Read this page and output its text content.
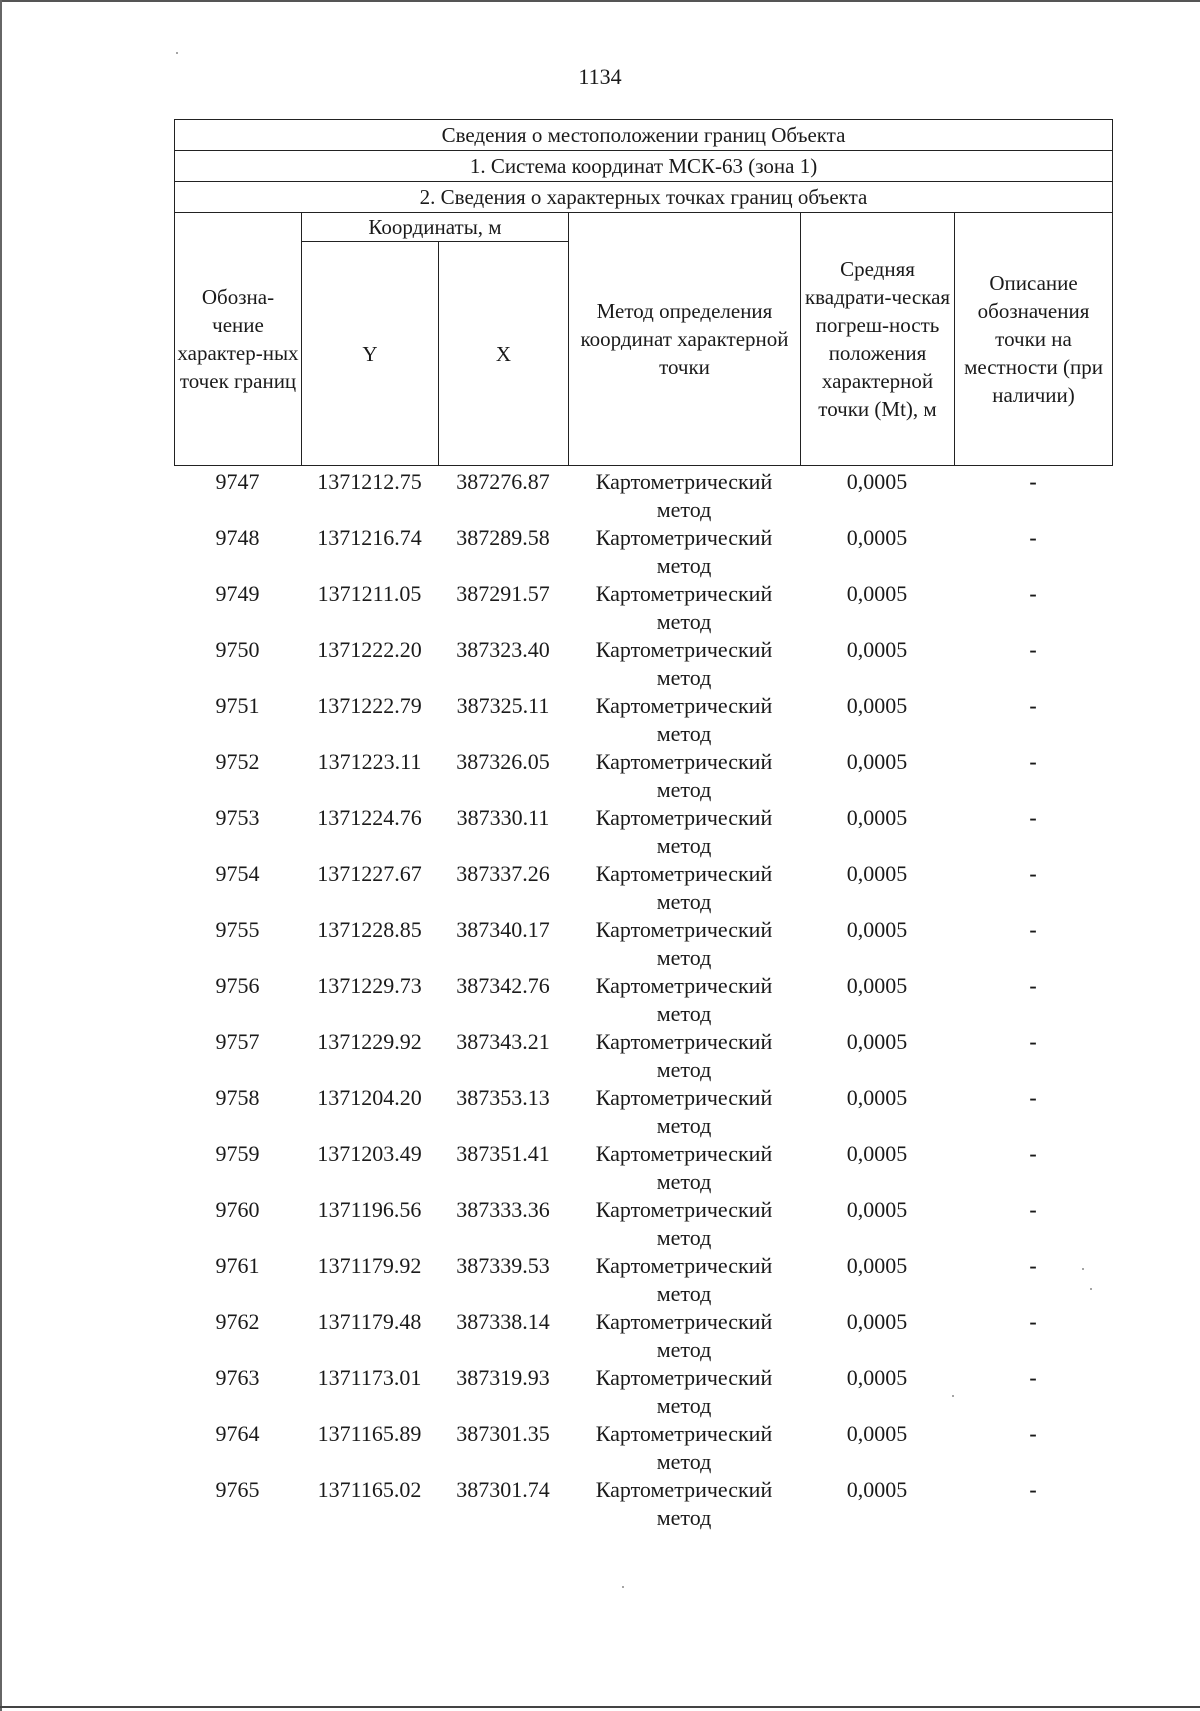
1134
Сведения о местоположении границ Объекта					
1. Система координат МСК-63 (зона 1)					
2. Сведения о характерных точках границ объекта					
Обозна-чение характер-ных точек границ	Координаты, м		Метод определения координат характерной точки	Средняя квадрати-ческая погреш-ность положения характерной точки (Mt), м	Описание обозначения точки на местности (при наличии)
	Y	X			
9747	1371212.75	387276.87	Картометрический метод	0,0005	-
9748	1371216.74	387289.58	Картометрический метод	0,0005	-
9749	1371211.05	387291.57	Картометрический метод	0,0005	-
9750	1371222.20	387323.40	Картометрический метод	0,0005	-
9751	1371222.79	387325.11	Картометрический метод	0,0005	-
9752	1371223.11	387326.05	Картометрический метод	0,0005	-
9753	1371224.76	387330.11	Картометрический метод	0,0005	-
9754	1371227.67	387337.26	Картометрический метод	0,0005	-
9755	1371228.85	387340.17	Картометрический метод	0,0005	-
9756	1371229.73	387342.76	Картометрический метод	0,0005	-
9757	1371229.92	387343.21	Картометрический метод	0,0005	-
9758	1371204.20	387353.13	Картометрический метод	0,0005	-
9759	1371203.49	387351.41	Картометрический метод	0,0005	-
9760	1371196.56	387333.36	Картометрический метод	0,0005	-
9761	1371179.92	387339.53	Картометрический метод	0,0005	-
9762	1371179.48	387338.14	Картометрический метод	0,0005	-
9763	1371173.01	387319.93	Картометрический метод	0,0005	-
9764	1371165.89	387301.35	Картометрический метод	0,0005	-
9765	1371165.02	387301.74	Картометрический метод	0,0005	-
